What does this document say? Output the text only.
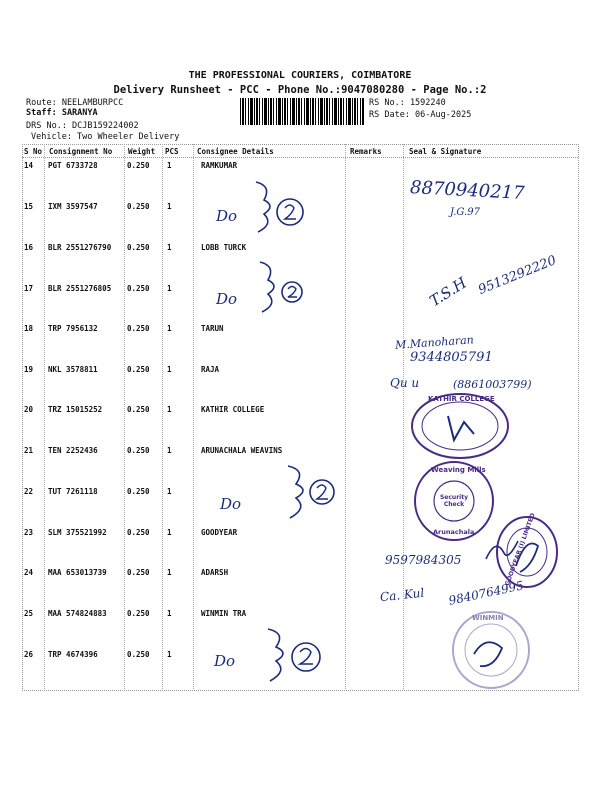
THE PROFESSIONAL COURIERS, COIMBATORE
Delivery Runsheet - PCC - Phone No.:9047080280 - Page No.:2
Route: NEELAMBURPCC
Staff: SARANYA
DRS No.: DCJB159224002
Vehicle: Two Wheeler Delivery
RS No.: 1592240
RS Date: 06-Aug-2025
S No Consignment No Weight PCS Consignee Details	Remarks	Seal & Signature
14 PGT 6733728	0.250 1	RAMKUMAR
15 IXM 3597547	0.250 1
16 BLR 2551276790 0.250 1	LOBB TURCK
17 BLR 2551276805 0.250 1
18 TRP 7956132	0.250 1	TARUN
19 NKL 3578811	0.250 1	RAJA
20 TRZ 15015252	0.250 1	KATHIR COLLEGE
21 TEN 2252436	0.250 1	ARUNACHALA WEAVINS
22 TUT 7261118	0.250 1
23 SLM 375521992	0.250 1	GOODYEAR
24 MAA 653013739	0.250 1	ADARSH
25 MAA 574824883	0.250 1	WINMIN TRA
26 TRP 4674396	0.250 1
Do
Do
Do
Do
8870940217
J.G.97
T.S.H 9513292220
M.Manoharan
9344805791
Qu u	(8861003799)
9597984305
Ca. Kul 9840764995
KATHIR COLLEGE
Weaving Mills
Security Check
Arunachala	GOODYEAR (I) LIMITED
WINMIN
